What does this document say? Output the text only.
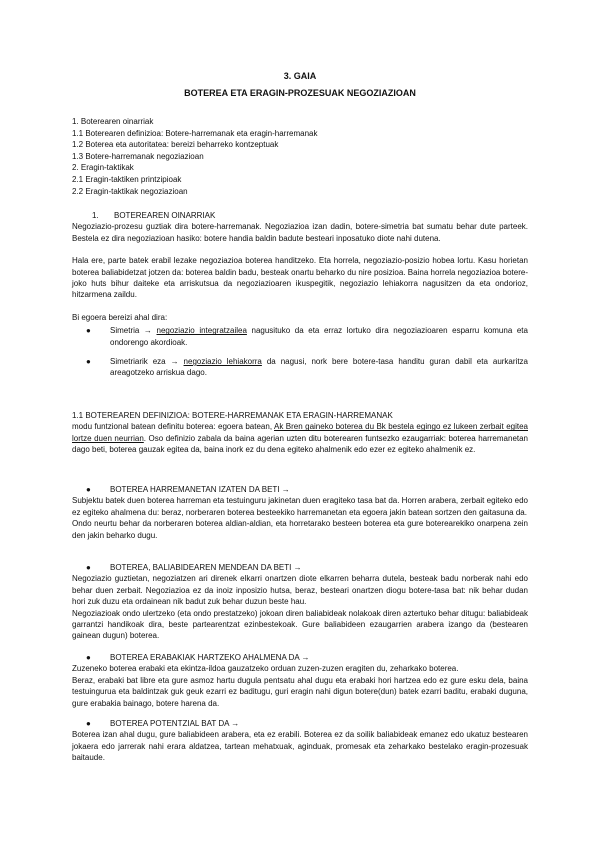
3. GAIA
BOTEREA ETA ERAGIN-PROZESUAK NEGOZIAZIOAN
1. Boterearen oinarriak
1.1 Boterearen definizioa: Botere-harremanak eta eragin-harremanak
1.2 Boterea eta autoritatea: bereizi beharreko kontzeptuak
1.3 Botere-harremanak negoziazioan
2. Eragin-taktikak
2.1 Eragin-taktiken printzipioak
2.2 Eragin-taktikak negoziazioan
1. BOTEREAREN OINARRIAK
Negoziazio-prozesu guztiak dira botere-harremanak. Negoziazioa izan dadin, botere-simetria bat sumatu behar dute parteek. Bestela ez dira negoziazioan hasiko: botere handia baldin badute besteari inposatuko diote nahi dutena.
Hala ere, parte batek erabil lezake negoziazioa boterea handitzeko. Eta horrela, negoziazio-posizio hobea lortu. Kasu horietan boterea baliabidetzat jotzen da: boterea baldin badu, besteak onartu beharko du nire posizioa. Baina horrela negoziazioa botere-joko huts bihur daiteke eta arriskutsua da negoziazioaren ikuspegitik, negoziazio lehiakorra nagusitzen da eta ondorioz, hitzarmena zaildu.
Bi egoera bereizi ahal dira:
● Simetria → negoziazio integratzailea nagusituko da eta erraz lortuko dira negoziazioaren esparru komuna eta ondorengo akordioak.
● Simetriarik eza → negoziazio lehiakorra da nagusi, nork bere botere-tasa handitu guran dabil eta aurkaritza areagotzeko arriskua dago.
1.1 BOTEREAREN DEFINIZIOA: BOTERE-HARREMANAK ETA ERAGIN-HARREMANAK
modu funtzional batean definitu boterea: egoera batean, Ak Bren gaineko boterea du Bk bestela egingo ez lukeen zerbait egitea lortze duen neurrian. Oso definizio zabala da baina agerian uzten ditu boterearen funtsezko ezaugarriak: boterea harremanetan dago beti, boterea gauzak egitea da, baina inork ez du dena egiteko ahalmenik edo ezer ez egiteko ahalmenik ez.
● BOTEREA HARREMANETAN IZATEN DA BETI →
Subjektu batek duen boterea harreman eta testuinguru jakinetan duen eragiteko tasa bat da. Horren arabera, zerbait egiteko edo ez egiteko ahalmena du: beraz, norberaren boterea besteekiko harremanetan eta egoera jakin batean sortzen den gaitasuna da.
Ondo neurtu behar da norberaren boterea aldian-aldian, eta horretarako besteen boterea eta gure boterearekiko onarpena zein den jakin beharko dugu.
● BOTEREA, BALIABIDEAREN MENDEAN DA BETI →
Negoziazio guztietan, negoziatzen ari direnek elkarri onartzen diote elkarren beharra dutela, besteak badu norberak nahi edo behar duen zerbait. Negoziazioa ez da inoiz inposizio hutsa, beraz, besteari onartzen diogu botere-tasa bat: nik behar dudan hori zuk duzu eta ordainean nik badut zuk behar duzun beste hau.
Negoziazioak ondo ulertzeko (eta ondo prestatzeko) jokoan diren baliabideak nolakoak diren aztertuko behar ditugu: baliabideak garrantzi handikoak dira, beste partearentzat ezinbestekoak. Gure baliabideen ezaugarrien arabera izango da (bestearen gainean dugun) boterea.
● BOTEREA ERABAKIAK HARTZEKO AHALMENA DA →
Zuzeneko boterea erabaki eta ekintza-ildoa gauzatzeko orduan zuzen-zuzen eragiten du, zeharkako boterea.
Beraz, erabaki bat libre eta gure asmoz hartu dugula pentsatu ahal dugu eta erabaki hori hartzea edo ez gure esku dela, baina testuingurua eta baldintzak guk geuk ezarri ez baditugu, guri eragin nahi digun botere(dun) batek ezarri baditu, erabaki duguna, gure erabakia bainago, botere harena da.
● BOTEREA POTENTZIAL BAT DA →
Boterea izan ahal dugu, gure baliabideen arabera, eta ez erabili. Boterea ez da soilik baliabideak emanez edo ukatuz bestearen jokaera edo jarrerak nahi erara aldatzea, tartean mehatxuak, aginduak, promesak eta zeharkako bestelako eragin-prozesuak baitaude.
